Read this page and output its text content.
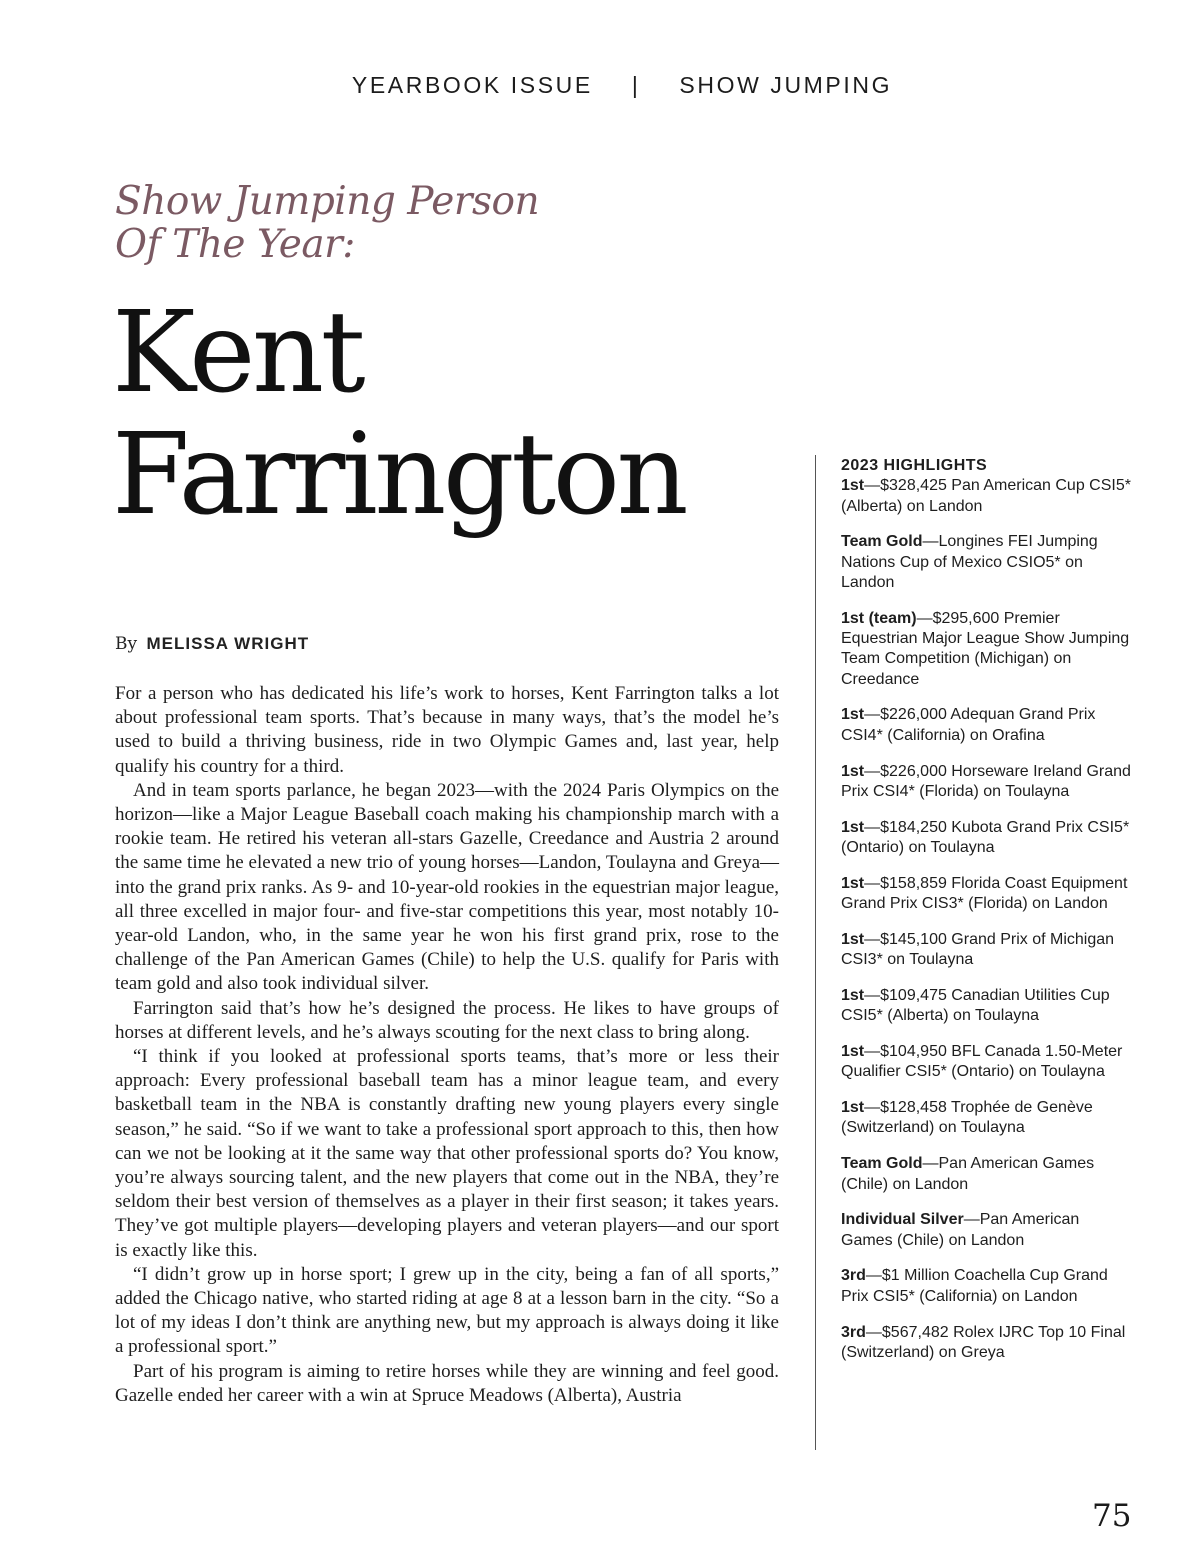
YEARBOOK ISSUE | SHOW JUMPING
Show Jumping Person
Of The Year:
Kent
Farrington
By MELISSA WRIGHT

For a person who has dedicated his life’s work to horses, Kent Farrington talks a lot about professional team sports. That’s because in many ways, that’s the model he’s used to build a thriving business, ride in two Olympic Games and, last year, help qualify his country for a third.

And in team sports parlance, he began 2023—with the 2024 Paris Olympics on the horizon—like a Major League Baseball coach making his championship march with a rookie team. He retired his veteran all-stars Gazelle, Creedance and Austria 2 around the same time he elevated a new trio of young horses—Landon, Toulayna and Greya—into the grand prix ranks. As 9- and 10-year-old rookies in the equestrian major league, all three excelled in major four- and five-star competitions this year, most notably 10-year-old Landon, who, in the same year he won his first grand prix, rose to the challenge of the Pan American Games (Chile) to help the U.S. qualify for Paris with team gold and also took individual silver.

Farrington said that’s how he’s designed the process. He likes to have groups of horses at different levels, and he’s always scouting for the next class to bring along.

“I think if you looked at professional sports teams, that’s more or less their approach: Every professional baseball team has a minor league team, and every basketball team in the NBA is constantly drafting new young players every single season,” he said. “So if we want to take a professional sport approach to this, then how can we not be looking at it the same way that other professional sports do? You know, you’re always sourcing talent, and the new players that come out in the NBA, they’re seldom their best version of themselves as a player in their first season; it takes years. They’ve got multiple players—developing players and veteran players—and our sport is exactly like this.

“I didn’t grow up in horse sport; I grew up in the city, being a fan of all sports,” added the Chicago native, who started riding at age 8 at a lesson barn in the city. “So a lot of my ideas I don’t think are anything new, but my approach is always doing it like a professional sport.”

Part of his program is aiming to retire horses while they are winning and feel good. Gazelle ended her career with a win at Spruce Meadows (Alberta), Austria

2023 HIGHLIGHTS
1st—$328,425 Pan American Cup CSI5* (Alberta) on Landon
Team Gold—Longines FEI Jumping Nations Cup of Mexico CSIO5* on Landon
1st (team)—$295,600 Premier Equestrian Major League Show Jumping Team Competition (Michigan) on Creedance
1st—$226,000 Adequan Grand Prix CSI4* (California) on Orafina
1st—$226,000 Horseware Ireland Grand Prix CSI4* (Florida) on Toulayna
1st—$184,250 Kubota Grand Prix CSI5* (Ontario) on Toulayna
1st—$158,859 Florida Coast Equipment Grand Prix CIS3* (Florida) on Landon
1st—$145,100 Grand Prix of Michigan CSI3* on Toulayna
1st—$109,475 Canadian Utilities Cup CSI5* (Alberta) on Toulayna
1st—$104,950 BFL Canada 1.50-Meter Qualifier CSI5* (Ontario) on Toulayna
1st—$128,458 Trophée de Genève (Switzerland) on Toulayna
Team Gold—Pan American Games (Chile) on Landon
Individual Silver—Pan American Games (Chile) on Landon
3rd—$1 Million Coachella Cup Grand Prix CSI5* (California) on Landon
3rd—$567,482 Rolex IJRC Top 10 Final (Switzerland) on Greya
75
